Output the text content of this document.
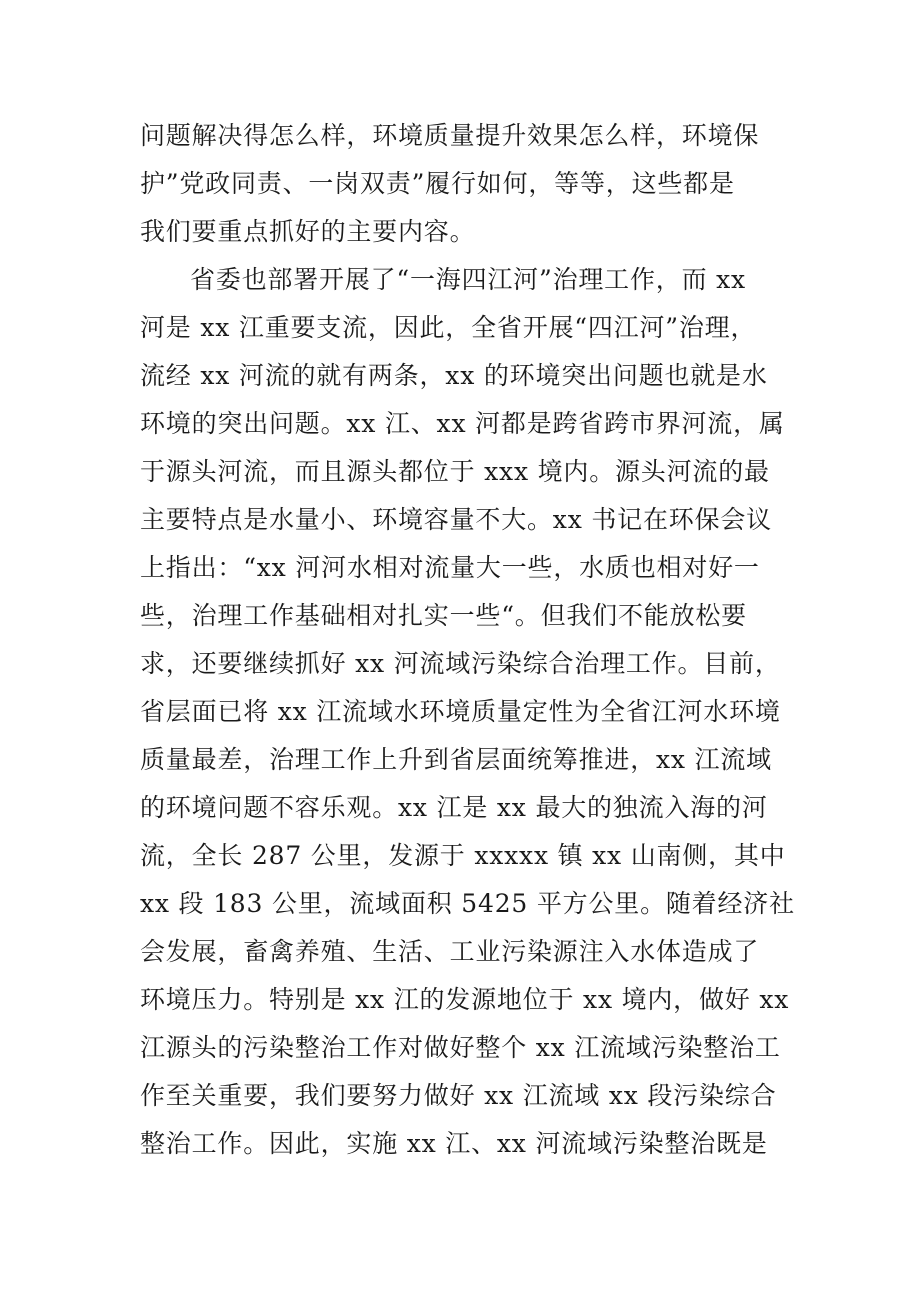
问题解决得怎么样，环境质量提升效果怎么样，环境保
护”党政同责、一岗双责”履行如何，等等，这些都是
我们要重点抓好的主要内容。
省委也部署开展了“一海四江河”治理工作，而 xx
河是 xx 江重要支流，因此，全省开展“四江河”治理，
流经 xx 河流的就有两条，xx 的环境突出问题也就是水
环境的突出问题。xx 江、xx 河都是跨省跨市界河流，属
于源头河流，而且源头都位于 xxx 境内。源头河流的最
主要特点是水量小、环境容量不大。xx 书记在环保会议
上指出：“xx 河河水相对流量大一些，水质也相对好一
些，治理工作基础相对扎实一些“。但我们不能放松要
求，还要继续抓好 xx 河流域污染综合治理工作。目前，
省层面已将 xx 江流域水环境质量定性为全省江河水环境
质量最差，治理工作上升到省层面统筹推进，xx 江流域
的环境问题不容乐观。xx 江是 xx 最大的独流入海的河
流，全长 287 公里，发源于 xxxxx 镇 xx 山南侧，其中
xx 段 183 公里，流域面积 5425 平方公里。随着经济社
会发展，畜禽养殖、生活、工业污染源注入水体造成了
环境压力。特别是 xx 江的发源地位于 xx 境内，做好 xx
江源头的污染整治工作对做好整个 xx 江流域污染整治工
作至关重要，我们要努力做好 xx 江流域 xx 段污染综合
整治工作。因此，实施 xx 江、xx 河流域污染整治既是
